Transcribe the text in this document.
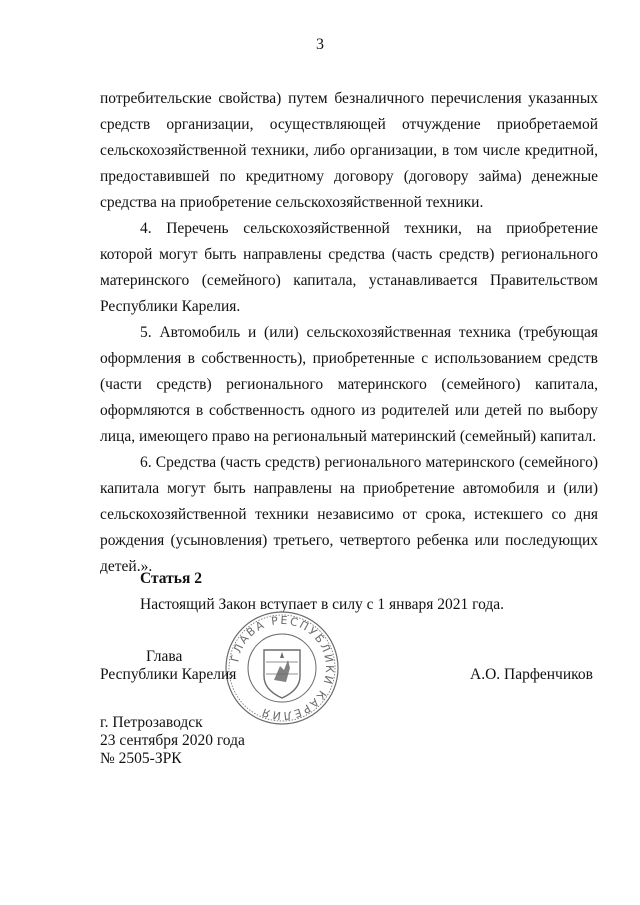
3

потребительские свойства) путем безналичного перечисления указанных средств организации, осуществляющей отчуждение приобретаемой сельскохозяйственной техники, либо организации, в том числе кредитной, предоставившей по кредитному договору (договору займа) денежные средства на приобретение сельскохозяйственной техники.

4. Перечень сельскохозяйственной техники, на приобретение которой могут быть направлены средства (часть средств) регионального материнского (семейного) капитала, устанавливается Правительством Республики Карелия.

5. Автомобиль и (или) сельскохозяйственная техника (требующая оформления в собственность), приобретенные с использованием средств (части средств) регионального материнского (семейного) капитала, оформляются в собственность одного из родителей или детей по выбору лица, имеющего право на региональный материнский (семейный) капитал.

6. Средства (часть средств) регионального материнского (семейного) капитала могут быть направлены на приобретение автомобиля и (или) сельскохозяйственной техники независимо от срока, истекшего со дня рождения (усыновления) третьего, четвертого ребенка или последующих детей.».

Статья 2
Настоящий Закон вступает в силу с 1 января 2021 года.
ГЛАВА РЕСПУБЛИКИ КАРЕЛИЯ
Глава
Республики Карелия	А.О. Парфенчиков
г. Петрозаводск
23 сентября 2020 года
№ 2505-ЗРК
